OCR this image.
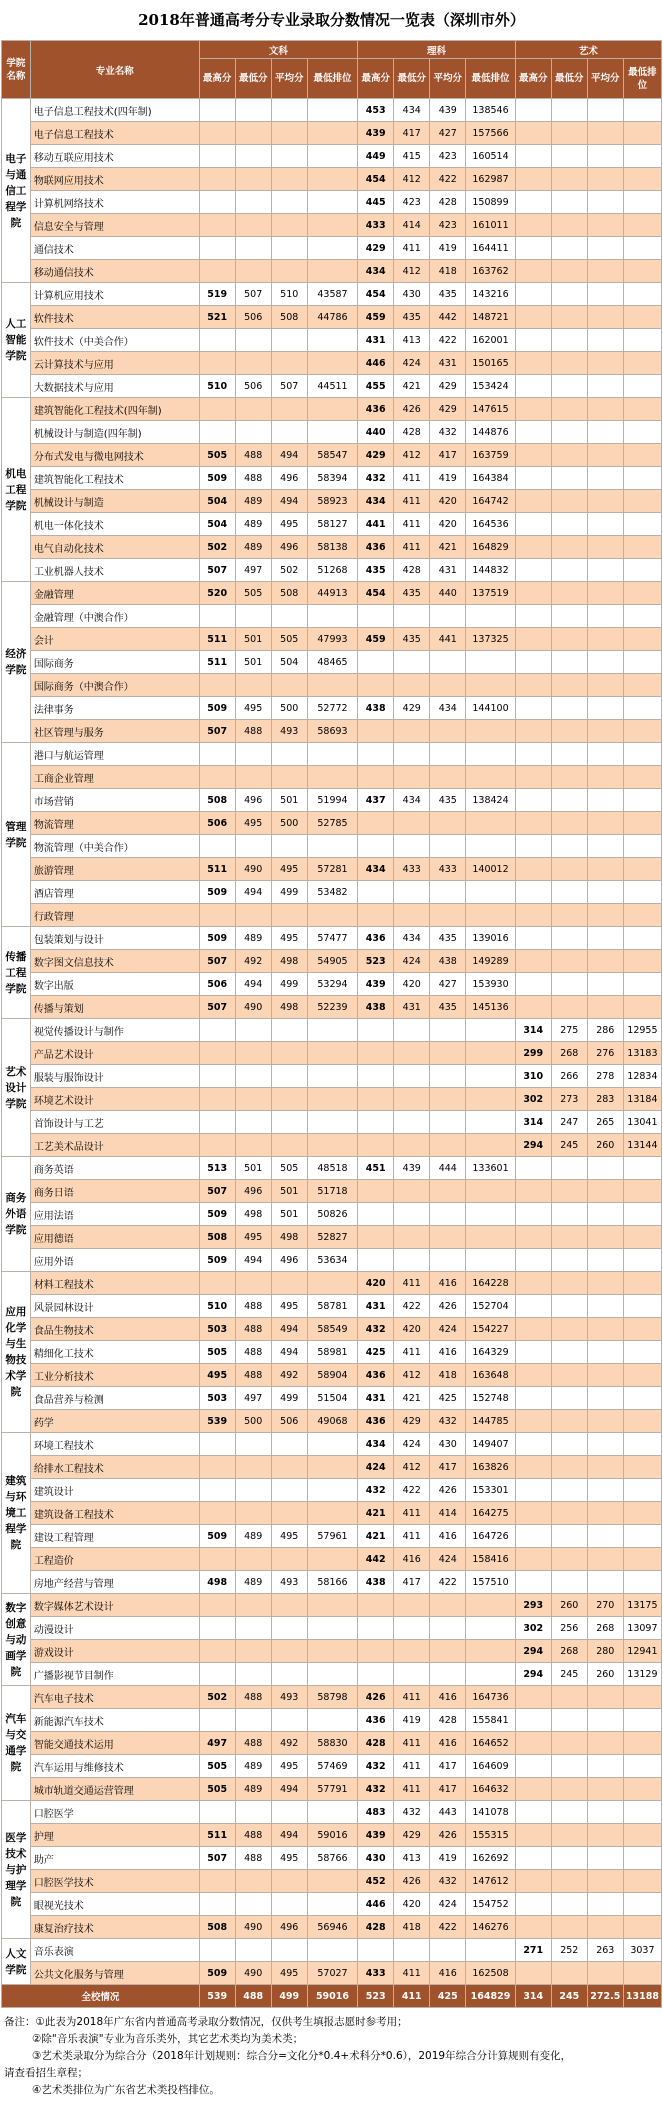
2018年普通高考分专业录取分数情况一览表（深圳市外）
学院名称	专业名称	文科				理科				艺术			
		最高分	最低分	平均分	最低排位	最高分	最低分	平均分	最低排位	最高分	最低分	平均分	最低排位
电子与通信工程学院	电子信息工程技术(四年制)					453	434	439	138546				
	电子信息工程技术					439	417	427	157566				
	移动互联应用技术					449	415	423	160514				
	物联网应用技术					454	412	422	162987				
	计算机网络技术					445	423	428	150899				
	信息安全与管理					433	414	423	161011				
	通信技术					429	411	419	164411				
	移动通信技术					434	412	418	163762				
人工智能学院	计算机应用技术	519	507	510	43587	454	430	435	143216				
	软件技术	521	506	508	44786	459	435	442	148721				
	软件技术（中美合作）					431	413	422	162001				
	云计算技术与应用					446	424	431	150165				
	大数据技术与应用	510	506	507	44511	455	421	429	153424				
机电工程学院	建筑智能化工程技术(四年制)					436	426	429	147615				
	机械设计与制造(四年制)					440	428	432	144876				
	分布式发电与微电网技术	505	488	494	58547	429	412	417	163759				
	建筑智能化工程技术	509	488	496	58394	432	411	419	164384				
	机械设计与制造	504	489	494	58923	434	411	420	164742				
	机电一体化技术	504	489	495	58127	441	411	420	164536				
	电气自动化技术	502	489	496	58138	436	411	421	164829				
	工业机器人技术	507	497	502	51268	435	428	431	144832				
经济学院	金融管理	520	505	508	44913	454	435	440	137519				
	金融管理（中澳合作）												
	会计	511	501	505	47993	459	435	441	137325				
	国际商务	511	501	504	48465								
	国际商务（中澳合作）												
	法律事务	509	495	500	52772	438	429	434	144100				
	社区管理与服务	507	488	493	58693								
管理学院	港口与航运管理												
	工商企业管理												
	市场营销	508	496	501	51994	437	434	435	138424				
	物流管理	506	495	500	52785								
	物流管理（中美合作）												
	旅游管理	511	490	495	57281	434	433	433	140012				
	酒店管理	509	494	499	53482								
	行政管理												
传播工程学院	包装策划与设计	509	489	495	57477	436	434	435	139016				
	数字图文信息技术	507	492	498	54905	523	424	438	149289				
	数字出版	506	494	499	53294	439	420	427	153930				
	传播与策划	507	490	498	52239	438	431	435	145136				
艺术设计学院	视觉传播设计与制作									314	275	286	12955
	产品艺术设计									299	268	276	13183
	服装与服饰设计									310	266	278	12834
	环境艺术设计									302	273	283	13184
	首饰设计与工艺									314	247	265	13041
	工艺美术品设计									294	245	260	13144
商务外语学院	商务英语	513	501	505	48518	451	439	444	133601				
	商务日语	507	496	501	51718								
	应用法语	509	498	501	50826								
	应用德语	508	495	498	52827								
	应用外语	509	494	496	53634								
应用化学与生物技术学院	材料工程技术					420	411	416	164228				
	风景园林设计	510	488	495	58781	431	422	426	152704				
	食品生物技术	503	488	494	58549	432	420	424	154227				
	精细化工技术	505	488	494	58981	425	411	416	164329				
	工业分析技术	495	488	492	58904	436	412	418	163648				
	食品营养与检测	503	497	499	51504	431	421	425	152748				
	药学	539	500	506	49068	436	429	432	144785				
建筑与环境工程学院	环境工程技术					434	424	430	149407				
	给排水工程技术					424	412	417	163826				
	建筑设计					432	422	426	153301				
	建筑设备工程技术					421	411	414	164275				
	建设工程管理	509	489	495	57961	421	411	416	164726				
	工程造价					442	416	424	158416				
	房地产经营与管理	498	489	493	58166	438	417	422	157510				
数字创意与动画学院	数字媒体艺术设计									293	260	270	13175
	动漫设计									302	256	268	13097
	游戏设计									294	268	280	12941
	广播影视节目制作									294	245	260	13129
汽车与交通学院	汽车电子技术	502	488	493	58798	426	411	416	164736				
	新能源汽车技术					436	419	428	155841				
	智能交通技术运用	497	488	492	58830	428	411	416	164652				
	汽车运用与维修技术	505	489	495	57469	432	411	417	164609				
	城市轨道交通运营管理	505	489	494	57791	432	411	417	164632				
医学技术与护理学院	口腔医学					483	432	443	141078				
	护理	511	488	494	59016	439	429	426	155315				
	助产	507	488	495	58766	430	413	419	162692				
	口腔医学技术					452	426	432	147612				
	眼视光技术					446	420	424	154752				
	康复治疗技术	508	490	496	56946	428	418	422	146276				
人文学院	音乐表演									271	252	263	3037
	公共文化服务与管理	509	490	495	57027	433	411	416	162508				
全校情况		539	488	499	59016	523	411	425	164829	314	245	272.5	13188
备注：①此表为2018年广东省内普通高考录取分数情况，仅供考生填报志愿时参考用；
②除"音乐表演"专业为音乐类外，其它艺术类均为美术类；
③艺术类录取分为综合分（2018年计划规则：综合分=文化分*0.4+术科分*0.6），2019年综合分计算规则有变化，
请查看招生章程；
④艺术类排位为广东省艺术类投档排位。
